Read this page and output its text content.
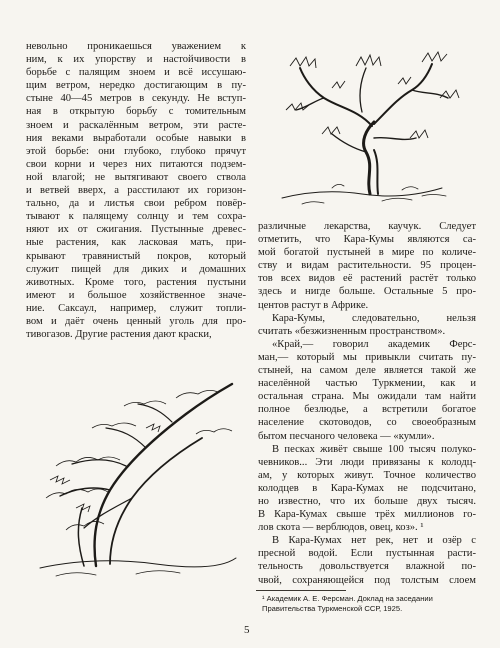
невольно проникаешься уважением к
ним, к их упорству и настойчивости в
борьбе с палящим зноем и всё иссушаю-
щим ветром, нередко достигающим в пу-
стыне 40—45 метров в секунду. Не вступ-
ная в открытую борьбу с томительным
зноем и раскалённым ветром, эти расте-
ния веками выработали особые навыки в
этой борьбе: они глубоко, глубоко прячут
свои корни и через них питаются подзем-
ной влагой; не вытягивают своего ствола
и ветвей вверх, а расстилают их горизон-
тально, да и листья свои ребром повёр-
тывают к палящему солнцу и тем сохра-
няют их от сжигания. Пустынные древес-
ные растения, как ласковая мать, при-
крывают травянистый покров, который
служит пищей для диких и домашних
животных. Кроме того, растения пустыни
имеют и большое хозяйственное значе-
ние. Саксаул, например, служит топли-
вом и даёт очень ценный уголь для про-
тивогазов. Другие растения дают краски,
различные лекарства, каучук. Следует
отметить, что Кара-Кумы являются са-
мой богатой пустыней в мире по количе-
ству и видам растительности. 95 процен-
тов всех видов её растений растёт только
здесь и нигде больше. Остальные 5 про-
центов растут в Африке.
Кара-Кумы, следовательно, нельзя
считать «безжизненным пространством».
«Край,— говорил академик Ферс-
ман,— который мы привыкли считать пу-
стыней, на самом деле является такой же
населённой частью Туркмении, как и
остальная страна. Мы ожидали там найти
полное безлюдье, а встретили богатое
население скотоводов, со своеобразным
бытом песчаного человека — «кумли».
В песках живёт свыше 100 тысяч полуко-
чевников... Эти люди привязаны к колодц-
ам, у которых живут. Точное количество
колодцев в Кара-Кумах не подсчитано,
но известно, что их больше двух тысяч.
В Кара-Кумах свыше трёх миллионов го-
лов скота — верблюдов, овец, коз». ¹
В Кара-Кумах нет рек, нет и озёр с
пресной водой. Если пустынная расти-
тельность довольствуется влажной по-
чвой, сохраняющейся под толстым слоем
¹ Академик А. Е. Ферсман. Доклад на заседании
Правительства Туркменской ССР, 1925.
5
